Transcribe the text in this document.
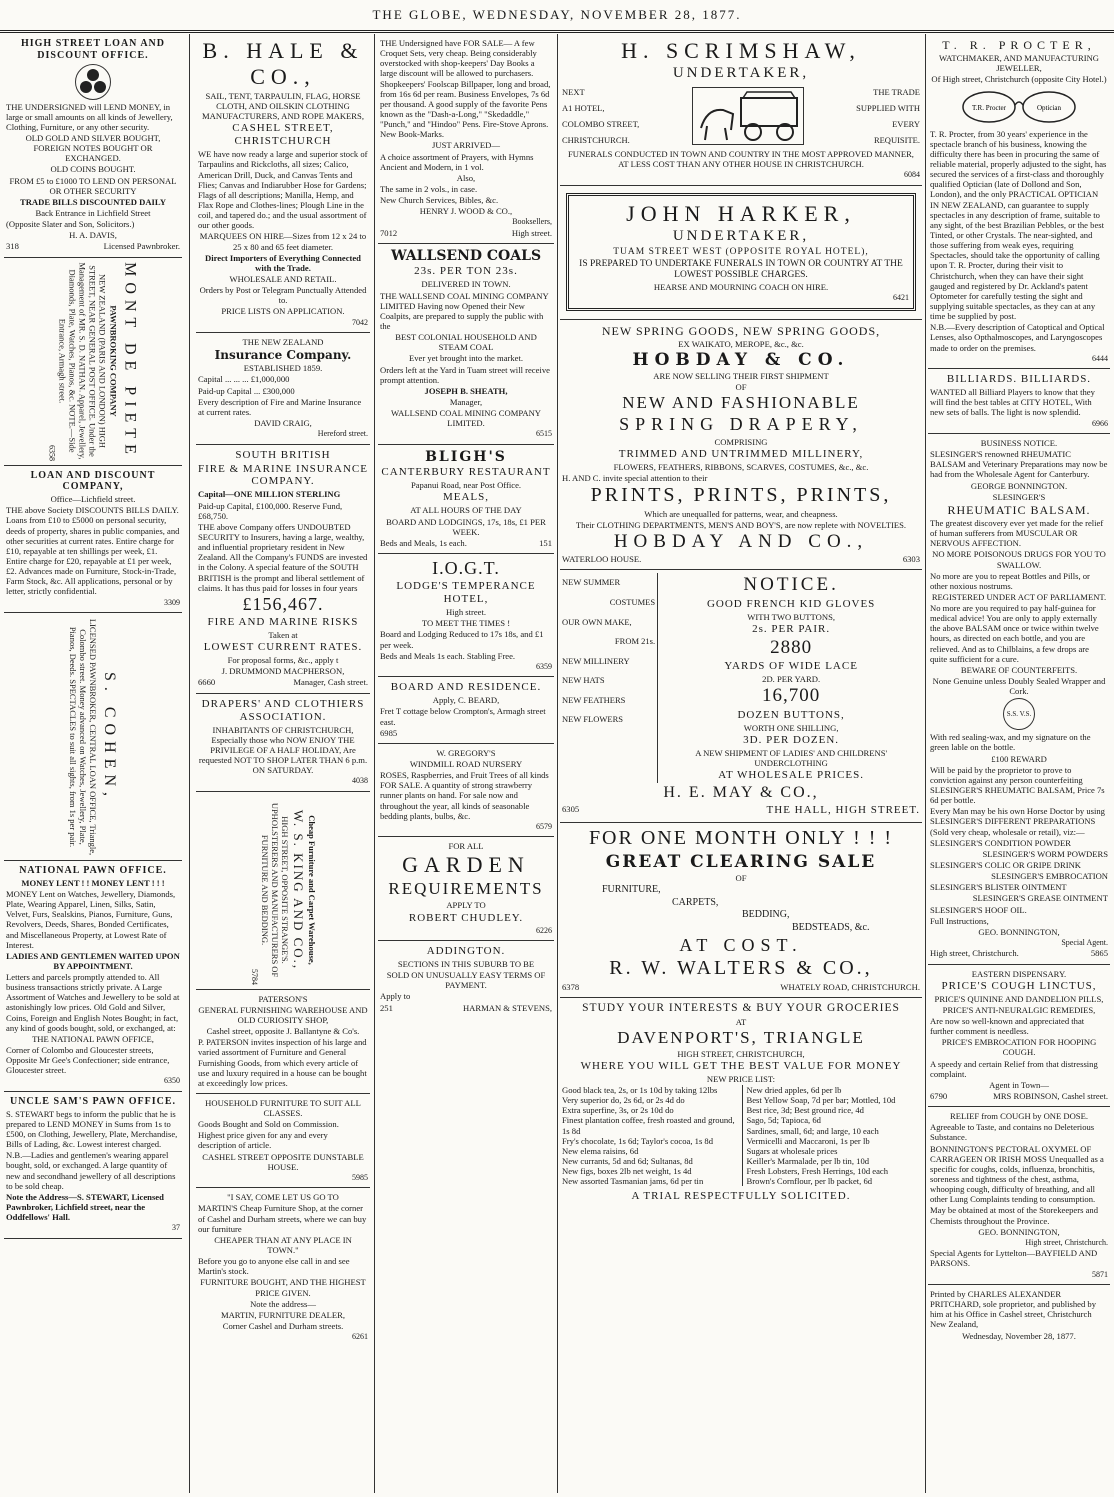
THE GLOBE, WEDNESDAY, NOVEMBER 28, 1877.

HIGH STREET LOAN AND DISCOUNT OFFICE.

THE UNDERSIGNED will LEND MONEY, in large or small amounts on all kinds of Jewellery, Clothing, Furniture, or any other security.

OLD GOLD AND SILVER BOUGHT, FOREIGN NOTES BOUGHT OR EXCHANGED.

OLD COINS BOUGHT.

FROM £5 to £1000 TO LEND ON PERSONAL OR OTHER SECURITY

TRADE BILLS DISCOUNTED DAILY

Back Entrance in Lichfield Street

(Opposite Slater and Son, Solicitors.)

H. A. DAVIS,

318	Licensed Pawnbroker.

MONT DE PIETE

PAWNBROKING COMPANY

NEW ZEALAND (PARIS AND LONDON) HIGH STREET, NEAR GENERAL POST OFFICE. Under the Management of MR. S. D. NATHAN. Apparel, Jewellery, Diamonds, Plate, Watches, Pianos, &c. NOTE.—Side Entrance, Armagh street.

6358

LOAN AND DISCOUNT COMPANY,

Office—Lichfield street.

THE above Society DISCOUNTS BILLS DAILY. Loans from £10 to £5000 on personal security, deeds of property, shares in public companies, and other securities at current rates. Entire charge for £10, repayable at ten shillings per week, £1. Entire charge for £20, repayable at £1 per week, £2. Advances made on Furniture, Stock-in-Trade, Farm Stock, &c. All applications, personal or by letter, strictly confidential.

3309

S. COHEN,

LICENSED PAWNBROKER, CENTRAL LOAN OFFICE, Triangle, Colombo street. Money advanced on Watches, Jewellery, Plate, Pianos, Deeds. SPECTACLES to suit all sights, from 1s per pair.

NATIONAL PAWN OFFICE.

MONEY LENT ! ! MONEY LENT ! ! !

MONEY Lent on Watches, Jewellery, Diamonds, Plate, Wearing Apparel, Linen, Silks, Satin, Velvet, Furs, Sealskins, Pianos, Furniture, Guns, Revolvers, Deeds, Shares, Bonded Certificates, and Miscellaneous Property, at Lowest Rate of Interest.

LADIES AND GENTLEMEN WAITED UPON BY APPOINTMENT.

Letters and parcels promptly attended to. All business transactions strictly private. A Large Assortment of Watches and Jewellery to be sold at astonishingly low prices. Old Gold and Silver, Coins, Foreign and English Notes Bought; in fact, any kind of goods bought, sold, or exchanged, at:

THE NATIONAL PAWN OFFICE,

Corner of Colombo and Gloucester streets, Opposite Mr Gee's Confectioner; side entrance, Gloucester street.

6350

UNCLE SAM'S PAWN OFFICE.

S. STEWART begs to inform the public that he is prepared to LEND MONEY in Sums from 1s to £500, on Clothing, Jewellery, Plate, Merchandise, Bills of Lading, &c. Lowest interest charged.

N.B.—Ladies and gentlemen's wearing apparel bought, sold, or exchanged. A large quantity of new and secondhand jewellery of all descriptions to be sold cheap.

Note the Address—S. STEWART, Licensed Pawnbroker, Lichfield street, near the Oddfellows' Hall.

37

B. HALE & CO.,

SAIL, TENT, TARPAULIN, FLAG, HORSE CLOTH, AND OILSKIN CLOTHING MANUFACTURERS, AND ROPE MAKERS,

CASHEL STREET, CHRISTCHURCH

WE have now ready a large and superior stock of Tarpaulins and Rickcloths, all sizes; Calico, American Drill, Duck, and Canvas Tents and Flies; Canvas and Indiarubber Hose for Gardens; Flags of all descriptions; Manilla, Hemp, and Flax Rope and Clothes-lines; Plough Line in the coil, and tapered do.; and the usual assortment of our other goods.

MARQUEES ON HIRE—Sizes from 12 x 24 to 25 x 80 and 65 feet diameter.

Direct Importers of Everything Connected with the Trade.

WHOLESALE AND RETAIL.

Orders by Post or Telegram Punctually Attended to.

PRICE LISTS ON APPLICATION.

7042

THE NEW ZEALAND

Insurance Company.

ESTABLISHED 1859.

Capital ... ... ... £1,000,000

Paid-up Capital ... £300,000

Every description of Fire and Marine Insurance at current rates.

DAVID CRAIG,

Hereford street.

SOUTH BRITISH

FIRE & MARINE INSURANCE COMPANY.

Capital—ONE MILLION STERLING

Paid-up Capital, £100,000. Reserve Fund, £68,750.

THE above Company offers UNDOUBTED SECURITY to Insurers, having a large, wealthy, and influential proprietary resident in New Zealand. All the Company's FUNDS are invested in the Colony. A special feature of the SOUTH BRITISH is the prompt and liberal settlement of claims. It has thus paid for losses in four years

£156,467.

FIRE AND MARINE RISKS

Taken at

LOWEST CURRENT RATES.

For proposal forms, &c., apply t

J. DRUMMOND MACPHERSON,

6660	Manager, Cash street.

DRAPERS' AND CLOTHIERS ASSOCIATION.

INHABITANTS OF CHRISTCHURCH, Especially those who NOW ENJOY THE PRIVILEGE OF A HALF HOLIDAY, Are requested NOT TO SHOP LATER THAN 6 p.m. ON SATURDAY.

4038

Cheap Furniture and Carpet Warehouse,

W. S. KING AND CO.,

HIGH STREET, OPPOSITE STRANGE'S. UPHOLSTERERS AND MANUFACTURERS OF FURNITURE AND BEDDING.

5784

PATERSON'S

GENERAL FURNISHING WAREHOUSE AND OLD CURIOSITY SHOP,

Cashel street, opposite J. Ballantyne & Co's.

P. PATERSON invites inspection of his large and varied assortment of Furniture and General Furnishing Goods, from which every article of use and luxury required in a house can be bought at exceedingly low prices.

HOUSEHOLD FURNITURE TO SUIT ALL CLASSES.

Goods Bought and Sold on Commission.

Highest price given for any and every description of article.

CASHEL STREET OPPOSITE DUNSTABLE HOUSE.

5985

"I SAY, COME LET US GO TO

MARTIN'S Cheap Furniture Shop, at the corner of Cashel and Durham streets, where we can buy our furniture

CHEAPER THAN AT ANY PLACE IN TOWN."

Before you go to anyone else call in and see Martin's stock.

FURNITURE BOUGHT, AND THE HIGHEST PRICE GIVEN.

Note the address—

MARTIN, FURNITURE DEALER,

Corner Cashel and Durham streets.

6261

THE Undersigned have FOR SALE— A few Croquet Sets, very cheap. Being considerably overstocked with shop-keepers' Day Books a large discount will be allowed to purchasers. Shopkeepers' Foolscap Billpaper, long and broad, from 16s 6d per ream. Business Envelopes, 7s 6d per thousand. A good supply of the favorite Pens known as the "Dash-a-Long," "Skedaddle," "Punch," and "Hindoo" Pens. Fire-Stove Aprons. New Book-Marks.

JUST ARRIVED—

A choice assortment of Prayers, with Hymns Ancient and Modern, in 1 vol.

Also,

The same in 2 vols., in case.

New Church Services, Bibles, &c.

HENRY J. WOOD & CO.,

Booksellers,

7012	High street.

WALLSEND COALS

23s. PER TON 23s.

DELIVERED IN TOWN.

THE WALLSEND COAL MINING COMPANY LIMITED Having now Opened their New Coalpits, are prepared to supply the public with the

BEST COLONIAL HOUSEHOLD AND STEAM COAL

Ever yet brought into the market.

Orders left at the Yard in Tuam street will receive prompt attention.

JOSEPH B. SHEATH,

Manager,

WALLSEND COAL MINING COMPANY LIMITED.

6515

BLIGH'S

CANTERBURY RESTAURANT

Papanui Road, near Post Office.

MEALS,

AT ALL HOURS OF THE DAY

BOARD AND LODGINGS, 17s, 18s, £1 PER WEEK.

Beds and Meals, 1s each.	151

I.O.G.T.

LODGE'S TEMPERANCE HOTEL,

High street.

TO MEET THE TIMES !

Board and Lodging Reduced to 17s 18s, and £1 per week.

Beds and Meals 1s each. Stabling Free.

6359

BOARD AND RESIDENCE.

Apply, C. BEARD,

Fret T cottage below Crompton's, Armagh street east.

6985

W. GREGORY'S

WINDMILL ROAD NURSERY

ROSES, Raspberries, and Fruit Trees of all kinds FOR SALE. A quantity of strong strawberry runner plants on hand. For sale now and throughout the year, all kinds of seasonable bedding plants, bulbs, &c.

6579

FOR ALL

GARDEN

REQUIREMENTS

APPLY TO

ROBERT CHUDLEY.

6226

ADDINGTON.

SECTIONS IN THIS SUBURB TO BE

SOLD ON UNUSUALLY EASY TERMS OF PAYMENT.

Apply to

251	HARMAN & STEVENS,

H. SCRIMSHAW,

UNDERTAKER,

NEXT
A1 HOTEL,
COLOMBO STREET,
CHRISTCHURCH.
THE TRADE
SUPPLIED WITH
EVERY
REQUISITE.

FUNERALS CONDUCTED IN TOWN AND COUNTRY IN THE MOST APPROVED MANNER, AT LESS COST THAN ANY OTHER HOUSE IN CHRISTCHURCH.

6084

JOHN HARKER,

UNDERTAKER,

TUAM STREET WEST (OPPOSITE ROYAL HOTEL),

IS PREPARED TO UNDERTAKE FUNERALS IN TOWN OR COUNTRY AT THE LOWEST POSSIBLE CHARGES.

HEARSE AND MOURNING COACH ON HIRE.

6421

NEW SPRING GOODS, NEW SPRING GOODS,

EX WAIKATO, MEROPE, &c., &c.

HOBDAY & CO.

ARE NOW SELLING THEIR FIRST SHIPMENT

OF

NEW AND FASHIONABLE

SPRING DRAPERY,

COMPRISING

TRIMMED AND UNTRIMMED MILLINERY,

FLOWERS, FEATHERS, RIBBONS, SCARVES, COSTUMES, &c., &c.

H. AND C. invite special attention to their

PRINTS, PRINTS, PRINTS,

Which are unequalled for patterns, wear, and cheapness.

Their CLOTHING DEPARTMENTS, MEN'S AND BOY'S, are now replete with NOVELTIES.

HOBDAY AND CO.,

WATERLOO HOUSE.	6303

NEW SUMMER
COSTUMES
OUR OWN MAKE,
FROM 21s.
NEW MILLINERY
NEW HATS
NEW FEATHERS
NEW FLOWERS

NOTICE.

GOOD FRENCH KID GLOVES

WITH TWO BUTTONS,

2s. PER PAIR.

2880

YARDS OF WIDE LACE

2D. PER YARD.

16,700

DOZEN BUTTONS,

WORTH ONE SHILLING,

3D. PER DOZEN.

A NEW SHIPMENT OF LADIES' AND CHILDRENS' UNDERCLOTHING

AT WHOLESALE PRICES.

H. E. MAY & CO.,

6305	THE HALL, HIGH STREET.

FOR ONE MONTH ONLY ! ! !

GREAT CLEARING SALE

OF

FURNITURE,

CARPETS,

BEDDING,

BEDSTEADS, &c.

AT COST.

R. W. WALTERS & CO.,

6378	WHATELY ROAD, CHRISTCHURCH.

STUDY YOUR INTERESTS & BUY YOUR GROCERIES

AT

DAVENPORT'S, TRIANGLE

HIGH STREET, CHRISTCHURCH,

WHERE YOU WILL GET THE BEST VALUE FOR MONEY

NEW PRICE LIST:

Good black tea, 2s, or 1s 10d by taking 12lbs
Very superior do, 2s 6d, or 2s 4d do
Extra superfine, 3s, or 2s 10d do
Finest plantation coffee, fresh roasted and ground, 1s 8d
Fry's chocolate, 1s 6d; Taylor's cocoa, 1s 8d
New elema raisins, 6d
New currants, 5d and 6d; Sultanas, 8d
New figs, boxes 2lb net weight, 1s 4d
New assorted Tasmanian jams, 6d per tin
New dried apples, 6d per lb
Best Yellow Soap, 7d per bar; Mottled, 10d
Best rice, 3d; Best ground rice, 4d
Sago, 5d; Tapioca, 6d
Sardines, small, 6d; and large, 10 each
Vermicelli and Maccaroni, 1s per lb
Sugars at wholesale prices
Keiller's Marmalade, per lb tin, 10d
Fresh Lobsters, Fresh Herrings, 10d each
Brown's Cornflour, per lb packet, 6d

A TRIAL RESPECTFULLY SOLICITED.

T. R. PROCTER,

WATCHMAKER, AND MANUFACTURING JEWELLER,

Of High street, Christchurch (opposite City Hotel.)

T.R. Procter	Optician

T. R. Procter, from 30 years' experience in the spectacle branch of his business, knowing the difficulty there has been in procuring the same of reliable material, properly adjusted to the sight, has secured the services of a first-class and thoroughly qualified Optician (late of Dollond and Son, London), and the only PRACTICAL OPTICIAN IN NEW ZEALAND, can guarantee to supply spectacles in any description of frame, suitable to any sight, of the best Brazilian Pebbles, or the best Tinted, or other Crystals. The near-sighted, and those suffering from weak eyes, requiring Spectacles, should take the opportunity of calling upon T. R. Procter, during their visit to Christchurch, when they can have their sight gauged and registered by Dr. Ackland's patent Optometer for carefully testing the sight and supplying suitable spectacles, as they can at any time be supplied by post.

N.B.—Every description of Catoptical and Optical Lenses, also Opthalmoscopes, and Laryngoscopes made to order on the premises.

6444

BILLIARDS. BILLIARDS.

WANTED all Billiard Players to know that they will find the best tables at CITY HOTEL, With new sets of balls. The light is now splendid.

6966

BUSINESS NOTICE.

SLESINGER'S renowned RHEUMATIC BALSAM and Veterinary Preparations may now be had from the Wholesale Agent for Canterbury.

GEORGE BONNINGTON.

SLESINGER'S

RHEUMATIC BALSAM.

The greatest discovery ever yet made for the relief of human sufferers from MUSCULAR OR NERVOUS AFFECTION.

NO MORE POISONOUS DRUGS FOR YOU TO SWALLOW.

No more are you to repeat Bottles and Pills, or other noxious nostrums.

REGISTERED UNDER ACT OF PARLIAMENT.

No more are you required to pay half-guinea for medical advice! You are only to apply externally the above BALSAM once or twice within twelve hours, as directed on each bottle, and you are relieved. And as to Chilblains, a few drops are quite sufficient for a cure.

BEWARE OF COUNTERFEITS.

None Genuine unless Doubly Sealed Wrapper and Cork.

S.S. V.S.

With red sealing-wax, and my signature on the green lable on the bottle.

£100 REWARD

Will be paid by the proprietor to prove to conviction against any person counterfeiting SLESINGER'S RHEUMATIC BALSAM, Price 7s 6d per bottle.

Every Man may be his own Horse Doctor by using SLESINGER'S DIFFERENT PREPARATIONS (Sold very cheap, wholesale or retail), viz:—

SLESINGER'S CONDITION POWDER

SLESINGER'S WORM POWDERS

SLESINGER'S COLIC OR GRIPE DRINK

SLESINGER'S EMBROCATION

SLESINGER'S BLISTER OINTMENT

SLESINGER'S GREASE OINTMENT

SLESINGER'S HOOF OIL.

Full Instructions,

GEO. BONNINGTON,

Special Agent.

High street, Christchurch.	5865

EASTERN DISPENSARY.

PRICE'S COUGH LINCTUS,

PRICE'S QUININE AND DANDELION PILLS,

PRICE'S ANTI-NEURALGIC REMEDIES,

Are now so well-known and appreciated that further comment is needless.

PRICE'S EMBROCATION FOR HOOPING COUGH.

A speedy and certain Relief from that distressing complaint.

Agent in Town—

6790	MRS ROBINSON, Cashel street.

RELIEF from COUGH by ONE DOSE.

Agreeable to Taste, and contains no Deleterious Substance.

BONNINGTON'S PECTORAL OXYMEL OF CARRAGEEN OR IRISH MOSS Unequalled as a specific for coughs, colds, influenza, bronchitis, soreness and tightness of the chest, asthma, whooping cough, difficulty of breathing, and all other Lung Complaints tending to consumption.

May be obtained at most of the Storekeepers and Chemists throughout the Province.

GEO. BONNINGTON,

High street, Christchurch.

Special Agents for Lyttelton—BAYFIELD AND PARSONS.

5871

Printed by CHARLES ALEXANDER PRITCHARD, sole proprietor, and published by him at his Office in Cashel street, Christchurch New Zealand,

Wednesday, November 28, 1877.
